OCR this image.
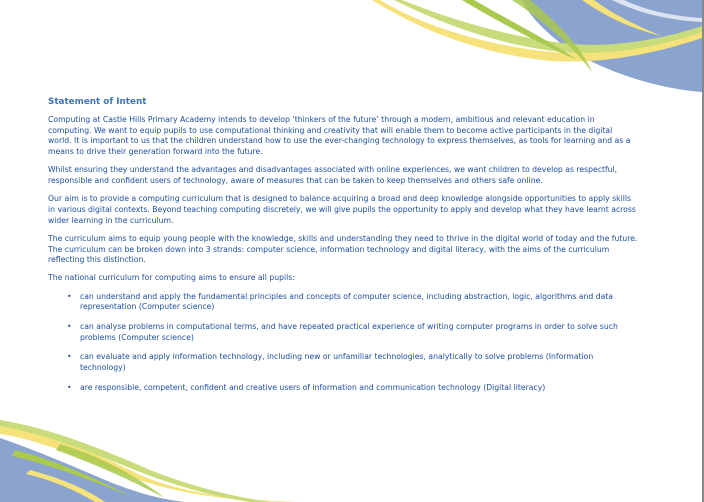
Statement of Intent

Computing at Castle Hills Primary Academy intends to develop ‘thinkers of the future’ through a modern, ambitious and relevant education in computing. We want to equip pupils to use computational thinking and creativity that will enable them to become active participants in the digital world. It is important to us that the children understand how to use the ever-changing technology to express themselves, as tools for learning and as a means to drive their generation forward into the future.

Whilst ensuring they understand the advantages and disadvantages associated with online experiences, we want children to develop as respectful, responsible and confident users of technology, aware of measures that can be taken to keep themselves and others safe online.

Our aim is to provide a computing curriculum that is designed to balance acquiring a broad and deep knowledge alongside opportunities to apply skills in various digital contexts. Beyond teaching computing discretely, we will give pupils the opportunity to apply and develop what they have learnt across wider learning in the curriculum.

The curriculum aims to equip young people with the knowledge, skills and understanding they need to thrive in the digital world of today and the future. The curriculum can be broken down into 3 strands: computer science, information technology and digital literacy, with the aims of the curriculum reflecting this distinction.

The national curriculum for computing aims to ensure all pupils:

• can understand and apply the fundamental principles and concepts of computer science, including abstraction, logic, algorithms and data representation (Computer science)
• can analyse problems in computational terms, and have repeated practical experience of writing computer programs in order to solve such problems (Computer science)
• can evaluate and apply information technology, including new or unfamiliar technologies, analytically to solve problems (Information technology)
• are responsible, competent, confident and creative users of information and communication technology (Digital literacy)
